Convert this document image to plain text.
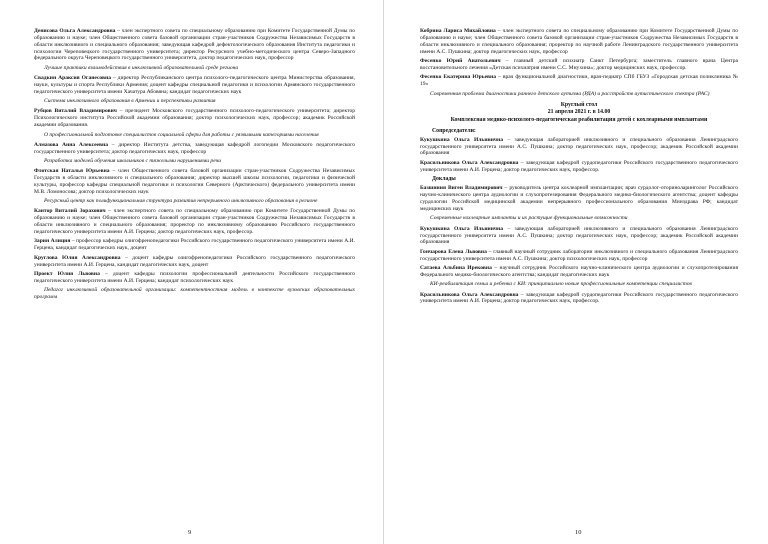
Денисова Ольга Александровна – член экспертного совета по специальному образованию при Комитете Государственной Думы по образованию и науке; член Общественного совета базовой организации стран-участников Содружества Независимых Государств в области инклюзивного и специального образования; заведующая кафедрой дефектологического образования Института педагогики и психологии Череповецкого государственного университета; директор Ресурсного учебно-методического центра Северо-Западного федерального округа Череповецкого государственного университета, доктор педагогических наук, профессор

Лучшие практики взаимодействия в инклюзивной образовательной среде региона

Свадкин Араксия Оганесовна – директор Республиканского центра психолого-педагогического центра Министерства образования, науки, культуры и спорта Республики Армения; доцент кафедры специальной педагогики и психологии Армянского государственного педагогического университета имени Хачатура Абовяна; кандидат педагогических наук

Система инклюзивного образования в Армении и перспективы развития

Рубцов Виталий Владимирович – президент Московского государственного психолого-педагогического университета; директор Психологического института Российской академии образования; доктор психологических наук, профессор; академик Российской академии образования.

О профессиональной подготовке специалистов социальной сферы для работы с уязвимыми категориями населения

Алмазова Анна Алексеевна – директор Института детства, заведующая кафедрой логопедии Московского педагогического государственного университета; доктор педагогических наук, профессор

Разработка моделей обучения школьников с тяжелыми нарушениями речи

Флотская Наталья Юрьевна – член Общественного совета базовой организации стран-участников Содружества Независимых Государств в области инклюзивного и специального образования; директор высшей школы психологии, педагогики и физической культуры, профессор кафедры специальной педагогики и психологии Северного (Арктического) федерального университета имени М.В. Ломоносова; доктор психологических наук

Ресурсный центр как полифункциональная структура развития непрерывного инклюзивного образования в регионе

Кантор Виталий Зорахович – член экспертного совета по специальному образованию при Комитете Государственной Думы по образованию и науке; член Общественного совета базовой организации стран-участников Содружества Независимых Государств в области инклюзивного и специального образования; проректор по инклюзивному образованию Российского государственного педагогического университета имени А.И. Герцена; доктор педагогических наук, профессор.

Зарин Алиция – профессор кафедры олигофренопедагогики Российского государственного педагогического университета имени А.И. Герцена, кандидат педагогических наук, доцент

Круглова Юлия Александровна – доцент кафедры олигофренопедагогики Российского государственного педагогического университета имени А.И. Герцена, кандидат педагогических наук, доцент

Проект Юлия Львовна – доцент кафедры психологии профессиональной деятельности Российского государственного педагогического университета имени А.И. Герцена; кандидат психологических наук

Педагог инклюзивной образовательной организации: компетентностная модель в контексте вузовских образовательных программ

9

Кобрина Лариса Михайловна – член экспертного совета по специальному образованию при Комитете Государственной Думы по образованию и науке; член Общественного совета базовой организации стран-участников Содружества Независимых Государств в области инклюзивного и специального образования; проректор по научной работе Ленинградского государственного университета имени А.С. Пушкина; доктор педагогических наук, профессор

Фесенко Юрий Анатольевич – главный детский психиатр Санкт Петербурга; заместитель главного врача Центра восстановительного лечения «Детская психиатрия имени С.С. Мнухина»; доктор медицинских наук, профессор.

Фесенко Екатерина Юрьевна – врач функциональной диагностики, врач-педиатр СПб ГБУЗ «Городская детская поликлиника № 19»

Современная проблема диагностики раннего детского аутизма (РДА) и расстройств аутистического спектра (РАС)

Круглый стол
21 апреля 2021 г. в 14.00
Комплексная медико-психолого-педагогическая реабилитация детей с кохлеарными имплантами

Сопредседатели:

Кукушкина Ольга Ильинична – заведующая лабораторией инклюзивного и специального образования Ленинградского государственного университета имени А.С. Пушкина; доктор педагогических наук, профессор; академик Российской академии образования

Красильникова Ольга Александровна – заведующая кафедрой сурдопедагогики Российского государственного педагогического университета имени А.И. Герцена; доктор педагогических наук, профессор.

Доклады

Базшиния Виген Владимирович – руководитель центра кохлеарной имплантации; врач сурдолог-оториноларинголог Российского научно-клинического центра аудиологии и слухопротезирования Федерального медико-биологического агентства; доцент кафедры сурдологии Российской медицинской академии непрерывного профессионального образования Минздрава РФ; кандидат медицинских наук

Современные кохлеарные импланты и их растущие функциональные возможности

Кукушкина Ольга Ильинична – заведующая лабораторией инклюзивного и специального образования Ленинградского государственного университета имени А.С. Пушкина; доктор педагогических наук, профессор; академик Российской академии образования

Гончарова Елена Львовна – главный научный сотрудник лаборатории инклюзивного и специального образования Ленинградского государственного университета имени А.С. Пушкина; доктор психологических наук, профессор

Сатаева Альбина Ирековна – научный сотрудник Российского научно-клинического центра аудиологии и слухопротезирования Федерального медико-биологического агентства; кандидат педагогических наук

КИ-реабилитация семьи и ребенка с КИ: принципиально новые профессиональные компетенции специалистов

Красильникова Ольга Александровна – заведующая кафедрой сурдопедагогики Российского государственного педагогического университета имени А.И. Герцена; доктор педагогических наук, профессор.

10
